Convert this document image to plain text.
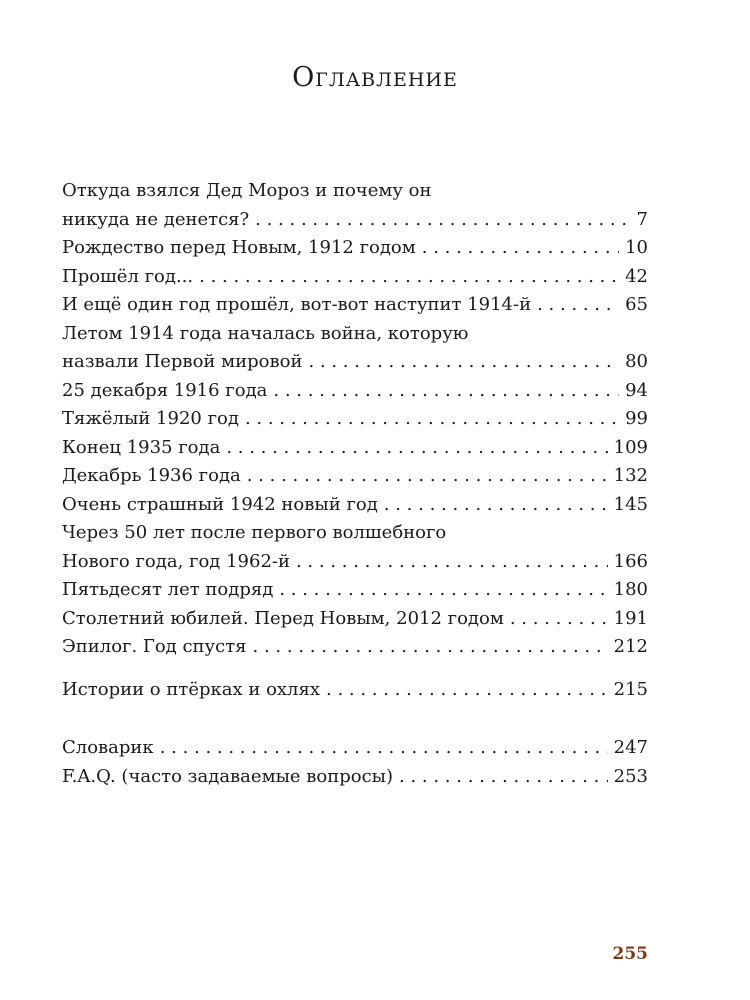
Оглавление
Откуда взялся Дед Мороз и почему он
никуда не денется? . . .	7
Рождество перед Новым, 1912 годом . . .	10
Прошёл год... . . .	42
И ещё один год прошёл, вот-вот наступит 1914-й . . .	65
Летом 1914 года началась война, которую
назвали Первой мировой . . .	80
25 декабря 1916 года . . .	94
Тяжёлый 1920 год . . .	99
Конец 1935 года . . .	109
Декабрь 1936 года . . .	132
Очень страшный 1942 новый год . . .	145
Через 50 лет после первого волшебного
Нового года, год 1962-й . . .	166
Пятьдесят лет подряд . . .	180
Столетний юбилей. Перед Новым, 2012 годом . . .	191
Эпилог. Год спустя . . .	212
Истории о птёрках и охлях . . .	215
Словарик . . .	247
F.A.Q. (часто задаваемые вопросы) . . .	253
255
